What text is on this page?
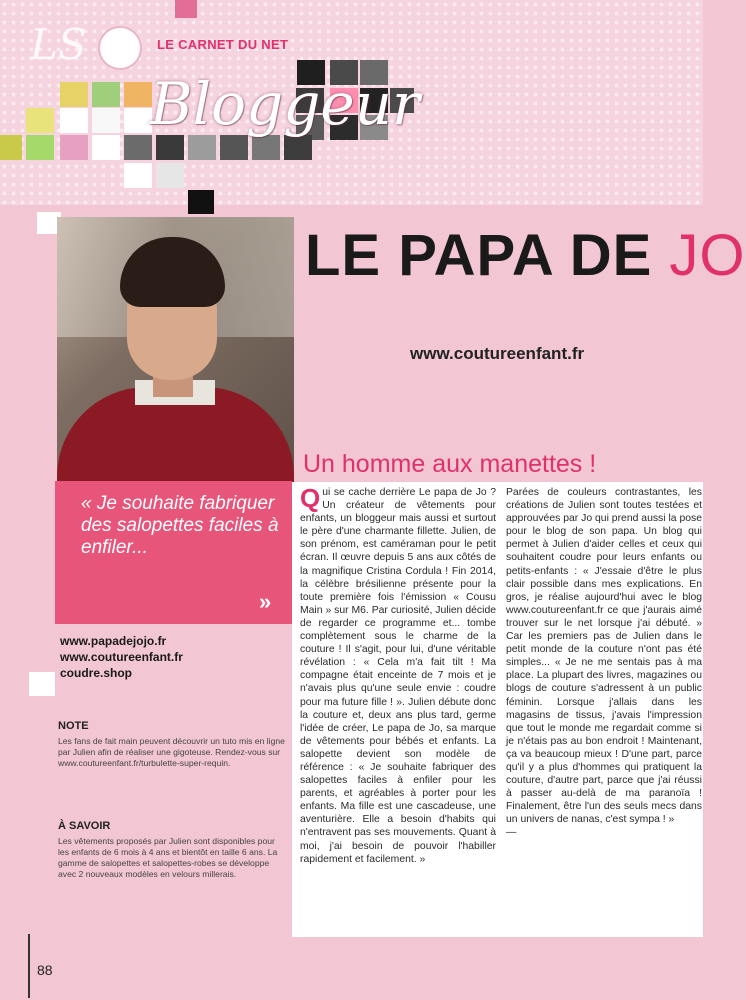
LS	LE CARNET DU NET
Bloggeur
« Je souhaite fabriquer des salopettes faciles à enfiler...
»
LE PAPA DE JO
www.coutureenfant.fr
Un homme aux manettes !
Q ui se cache derrière Le papa de Jo ? Un créateur de vêtements pour enfants, un bloggeur mais aussi et surtout le père d'une charmante fillette. Julien, de son prénom, est caméraman pour le petit écran. Il œuvre depuis 5 ans aux côtés de la magnifique Cristina Cordula ! Fin 2014, la célèbre brésilienne présente pour la toute première fois l'émission « Cousu Main » sur M6. Par curiosité, Julien décide de regarder ce programme et... tombe complètement sous le charme de la couture ! Il s'agit, pour lui, d'une véritable révélation : « Cela m'a fait tilt ! Ma compagne était enceinte de 7 mois et je n'avais plus qu'une seule envie : coudre pour ma future fille ! ». Julien débute donc la couture et, deux ans plus tard, germe l'idée de créer, Le papa de Jo, sa marque de vêtements pour bébés et enfants. La salopette devient son modèle de référence : « Je souhaite fabriquer des salopettes faciles à enfiler pour les parents, et agréables à porter pour les enfants. Ma fille est une cascadeuse, une aventurière. Elle a besoin d'habits qui n'entravent pas ses mouvements. Quant à moi, j'ai besoin de pouvoir l'habiller rapidement et facilement. »
Parées de couleurs contrastantes, les créations de Julien sont toutes testées et approuvées par Jo qui prend aussi la pose pour le blog de son papa. Un blog qui permet à Julien d'aider celles et ceux qui souhaitent coudre pour leurs enfants ou petits-enfants : « J'essaie d'être le plus clair possible dans mes explications. En gros, je réalise aujourd'hui avec le blog www.coutureenfant.fr ce que j'aurais aimé trouver sur le net lorsque j'ai débuté. » Car les premiers pas de Julien dans le petit monde de la couture n'ont pas été simples... « Je ne me sentais pas à ma place. La plupart des livres, magazines ou blogs de couture s'adressent à un public féminin. Lorsque j'allais dans les magasins de tissus, j'avais l'impression que tout le monde me regardait comme si je n'étais pas au bon endroit ! Maintenant, ça va beaucoup mieux ! D'une part, parce qu'il y a plus d'hommes qui pratiquent la couture, d'autre part, parce que j'ai réussi à passer au-delà de ma paranoïa ! Finalement, être l'un des seuls mecs dans un univers de nanas, c'est sympa ! »
—
www.papadejojo.fr
www.coutureenfant.fr
coudre.shop
NOTE
Les fans de fait main peuvent découvrir un tuto mis en ligne par Julien afin de réaliser une gigoteuse. Rendez-vous sur www.coutureenfant.fr/turbulette-super-requin.
À SAVOIR
Les vêtements proposés par Julien sont disponibles pour les enfants de 6 mois à 4 ans et bientôt en taille 6 ans. La gamme de salopettes et salopettes-robes se développe avec 2 nouveaux modèles en velours millerais.
88
